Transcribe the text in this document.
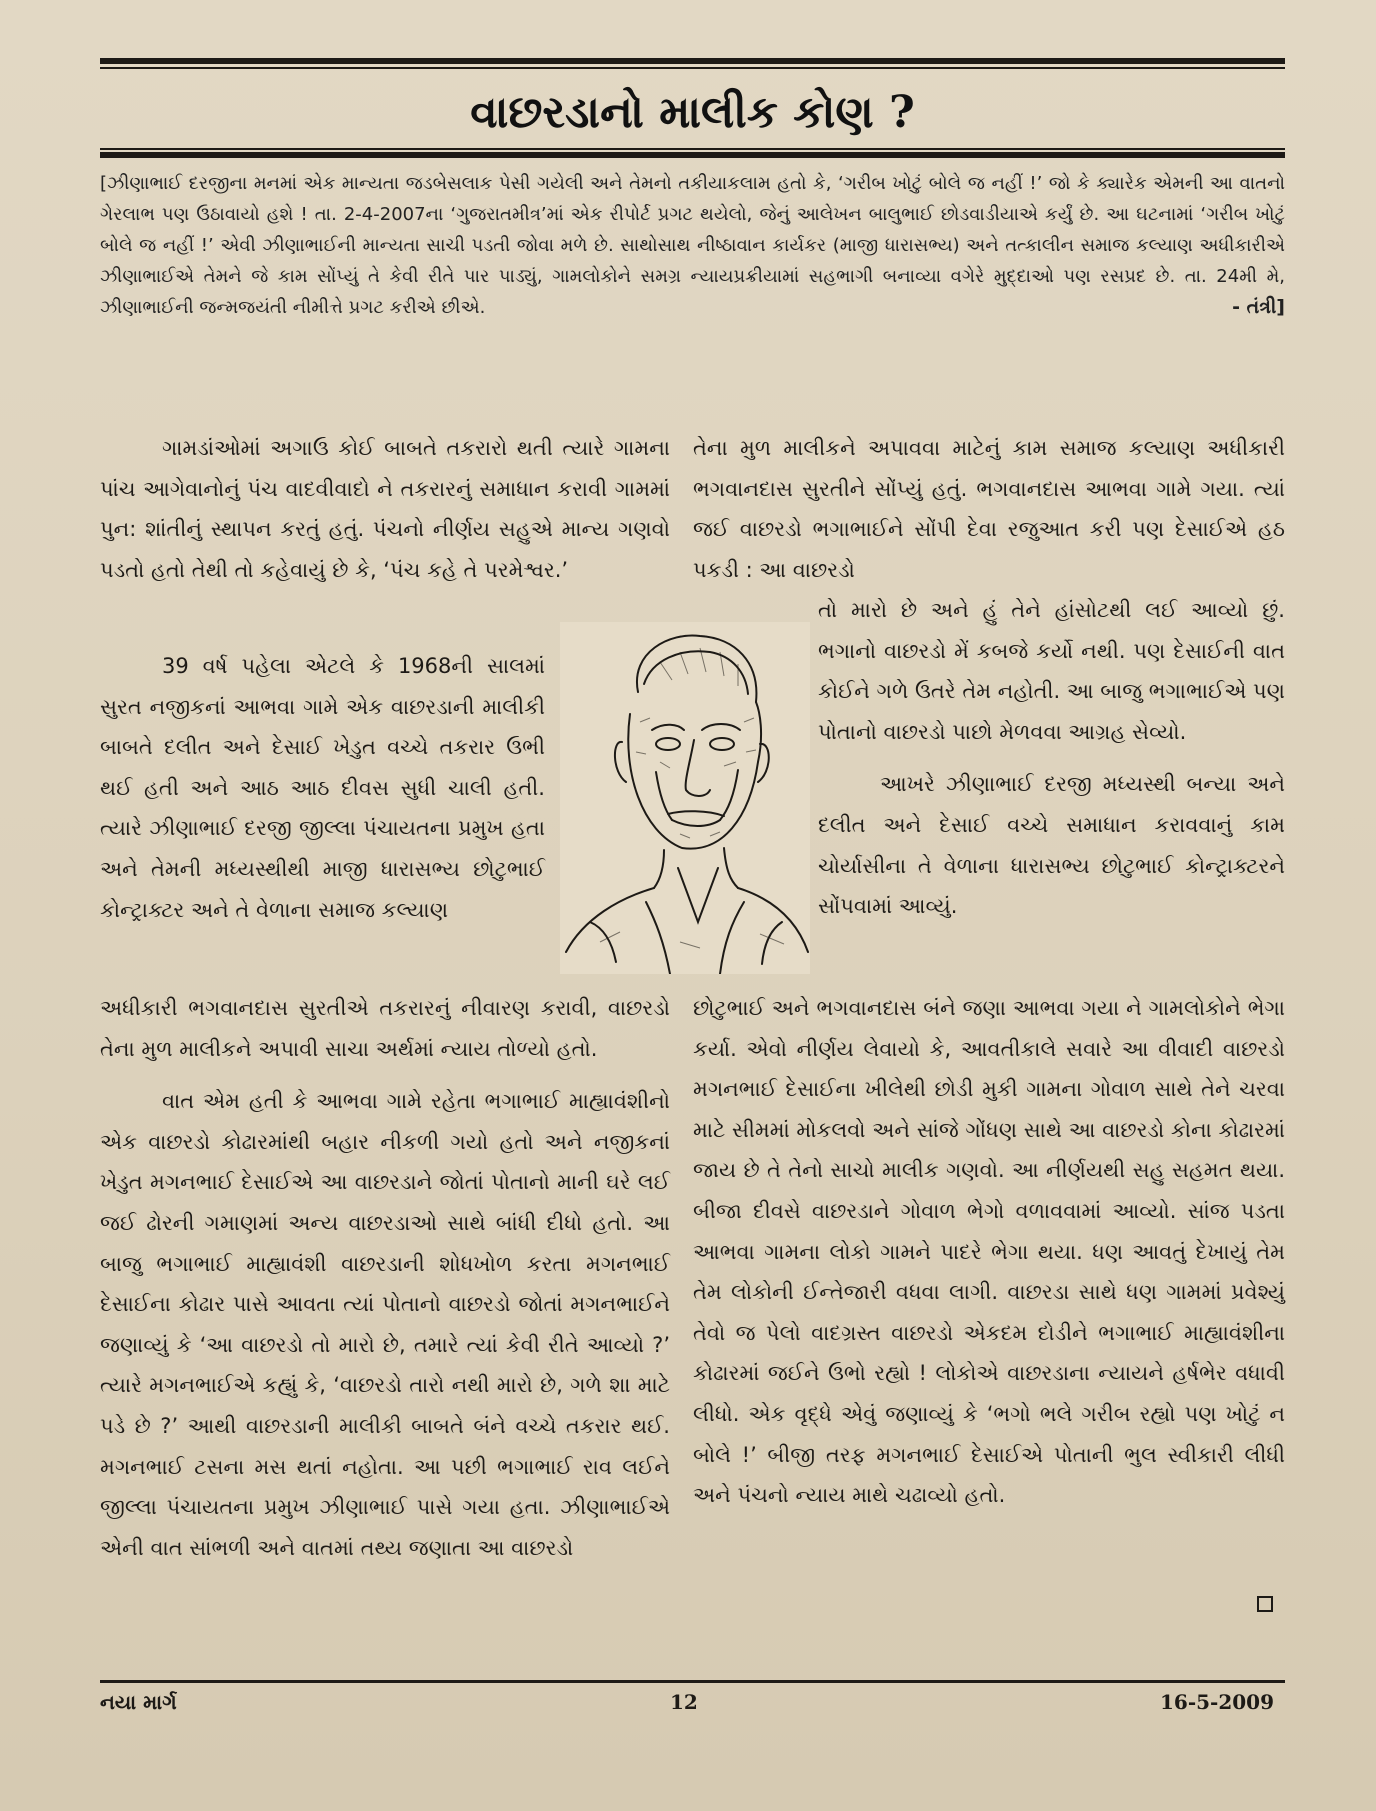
વાછરડાનો માલીક કોણ ?

[ઝીણાભાઈ દરજીના મનમાં એક માન્યતા જડબેસલાક પેસી ગયેલી અને તેમનો તકીયાકલામ હતો કે, ‘ગરીબ ખોટું બોલે જ નહીં !’ જો કે ક્યારેક એમની આ વાતનો ગેરલાભ પણ ઉઠાવાયો હશે ! તા. 2-4-2007ના ‘ગુજરાતમીત્ર’માં એક રીપોર્ટ પ્રગટ થયેલો, જેનું આલેખન બાલુભાઈ છોડવાડીયાએ કર્યું છે. આ ઘટનામાં ‘ગરીબ ખોટું બોલે જ નહીં !’ એવી ઝીણાભાઈની માન્યતા સાચી પડતી જોવા મળે છે. સાથોસાથ નીષ્ઠાવાન કાર્યકર (માજી ધારાસભ્ય) અને તત્કાલીન સમાજ કલ્યાણ અધીકારીએ ઝીણાભાઈએ તેમને જે કામ સોંપ્યું તે કેવી રીતે પાર પાડ્યું, ગામલોકોને સમગ્ર ન્યાયપ્રક્રીયામાં સહભાગી બનાવ્યા વગેરે મુદ્દાઓ પણ રસપ્રદ છે. તા. 24મી મે, ઝીણાભાઈની જન્મજયંતી નીમીત્તે પ્રગટ કરીએ છીએ.	- તંત્રી]

ગામડાંઓમાં અગાઉ કોઈ બાબતે તકરારો થતી ત્યારે ગામના પાંચ આગેવાનોનું પંચ વાદવીવાદો ને તકરારનું સમાધાન કરાવી ગામમાં પુન: શાંતીનું સ્થાપન કરતું હતું. પંચનો નીર્ણય સહુએ માન્ય ગણવો પડતો હતો તેથી તો કહેવાયું છે કે, ‘પંચ કહે તે પરમેશ્વર.’

39 વર્ષ પહેલા એટલે કે 1968ની સાલમાં સુરત નજીકનાં આભવા ગામે એક વાછરડાની માલીકી બાબતે દલીત અને દેસાઈ ખેડુત વચ્ચે તકરાર ઉભી થઈ હતી અને આઠ આઠ દીવસ સુધી ચાલી હતી. ત્યારે ઝીણાભાઈ દરજી જીલ્લા પંચાયતના પ્રમુખ હતા અને તેમની મધ્યસ્થીથી માજી ધારાસભ્ય છોટુભાઈ કોન્ટ્રાક્ટર અને તે વેળાના સમાજ કલ્યાણ

અધીકારી ભગવાનદાસ સુરતીએ તકરારનું નીવારણ કરાવી, વાછરડો તેના મુળ માલીકને અપાવી સાચા અર્થમાં ન્યાય તોળ્યો હતો.

વાત એમ હતી કે આભવા ગામે રહેતા ભગાભાઈ માહ્યાવંશીનો એક વાછરડો કોઢારમાંથી બહાર નીકળી ગયો હતો અને નજીકનાં ખેડુત મગનભાઈ દેસાઈએ આ વાછરડાને જોતાં પોતાનો માની ઘરે લઈ જઈ ઢોરની ગમાણમાં અન્ય વાછરડાઓ સાથે બાંધી દીધો હતો. આ બાજુ ભગાભાઈ માહ્યાવંશી વાછરડાની શોધખોળ કરતા મગનભાઈ દેસાઈના કોઢાર પાસે આવતા ત્યાં પોતાનો વાછરડો જોતાં મગનભાઈને જણાવ્યું કે ‘આ વાછરડો તો મારો છે, તમારે ત્યાં કેવી રીતે આવ્યો ?’ ત્યારે મગનભાઈએ કહ્યું કે, ‘વાછરડો તારો નથી મારો છે, ગળે શા માટે પડે છે ?’ આથી વાછરડાની માલીકી બાબતે બંને વચ્ચે તકરાર થઈ. મગનભાઈ ટસના મસ થતાં નહોતા. આ પછી ભગાભાઈ રાવ લઈને જીલ્લા પંચાયતના પ્રમુખ ઝીણાભાઈ પાસે ગયા હતા. ઝીણાભાઈએ એની વાત સાંભળી અને વાતમાં તથ્ય જણાતા આ વાછરડો

તેના મુળ માલીકને અપાવવા માટેનું કામ સમાજ કલ્યાણ અધીકારી ભગવાનદાસ સુરતીને સોંપ્યું હતું. ભગવાનદાસ આભવા ગામે ગયા. ત્યાં જઈ વાછરડો ભગાભાઈને સોંપી દેવા રજુઆત કરી પણ દેસાઈએ હઠ પકડી : આ વાછરડો

તો મારો છે અને હું તેને હાંસોટથી લઈ આવ્યો છું. ભગાનો વાછરડો મેં કબજે કર્યો નથી. પણ દેસાઈની વાત કોઈને ગળે ઉતરે તેમ નહોતી. આ બાજુ ભગાભાઈએ પણ પોતાનો વાછરડો પાછો મેળવવા આગ્રહ સેવ્યો.

આખરે ઝીણાભાઈ દરજી મધ્યસ્થી બન્યા અને દલીત અને દેસાઈ વચ્ચે સમાધાન કરાવવાનું કામ ચોર્યાસીના તે વેળાના ધારાસભ્ય છોટુભાઈ કોન્ટ્રાક્ટરને સોંપવામાં આવ્યું.

છોટુભાઈ અને ભગવાનદાસ બંને જણા આભવા ગયા ને ગામલોકોને ભેગા કર્યા. એવો નીર્ણય લેવાયો કે, આવતીકાલે સવારે આ વીવાદી વાછરડો મગનભાઈ દેસાઈના ખીલેથી છોડી મુકી ગામના ગોવાળ સાથે તેને ચરવા માટે સીમમાં મોકલવો અને સાંજે ગોંધણ સાથે આ વાછરડો કોના કોઢારમાં જાય છે તે તેનો સાચો માલીક ગણવો. આ નીર્ણયથી સહુ સહમત થયા. બીજા દીવસે વાછરડાને ગોવાળ ભેગો વળાવવામાં આવ્યો. સાંજ પડતા આભવા ગામના લોકો ગામને પાદરે ભેગા થયા. ધણ આવતું દેખાયું તેમ તેમ લોકોની ઈન્તેજારી વધવા લાગી. વાછરડા સાથે ધણ ગામમાં પ્રવેશ્યું તેવો જ પેલો વાદગ્રસ્ત વાછરડો એકદમ દોડીને ભગાભાઈ માહ્યાવંશીના કોઢારમાં જઈને ઉભો રહ્યો ! લોકોએ વાછરડાના ન્યાયને હર્ષભેર વધાવી લીધો. એક વૃદ્ધે એવું જણાવ્યું કે ‘ભગો ભલે ગરીબ રહ્યો પણ ખોટું ન બોલે !’ બીજી તરફ મગનભાઈ દેસાઈએ પોતાની ભુલ સ્વીકારી લીધી અને પંચનો ન્યાય માથે ચઢાવ્યો હતો.

નયા માર્ગ	12	16-5-2009
